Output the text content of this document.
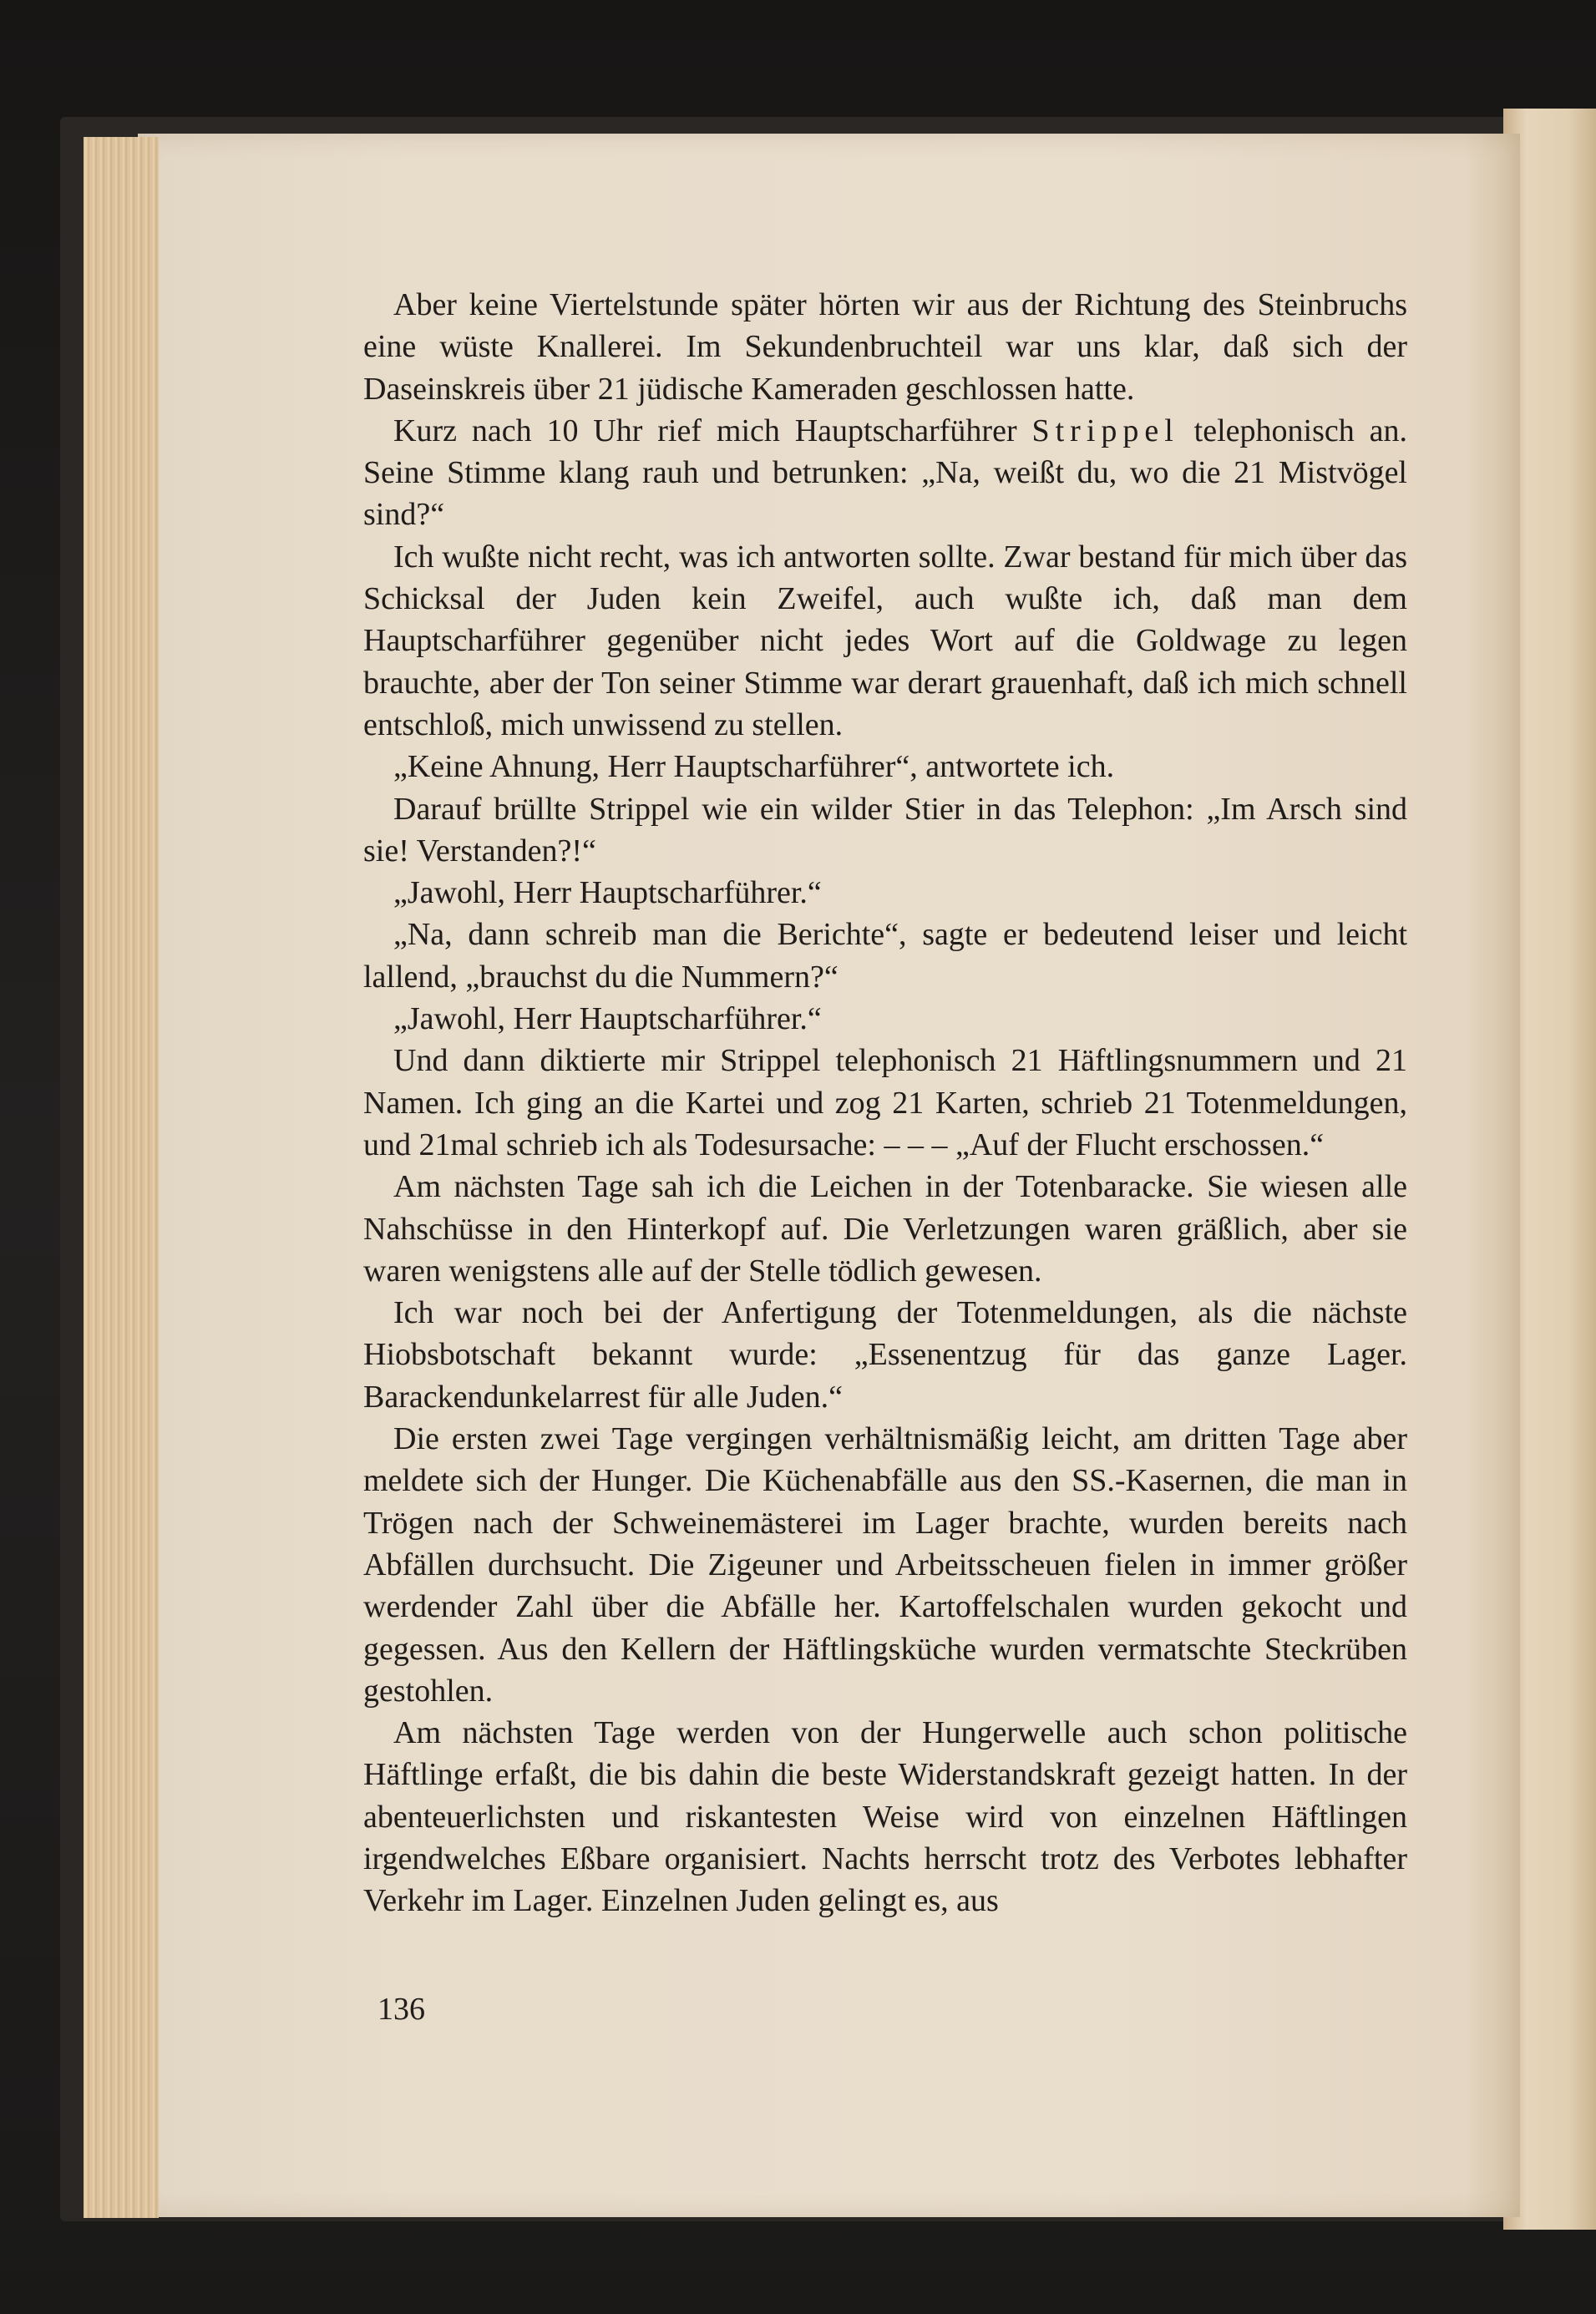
Aber keine Viertelstunde später hörten wir aus der Richtung des Steinbruchs eine wüste Knallerei. Im Sekundenbruchteil war uns klar, daß sich der Daseinskreis über 21 jüdische Kameraden geschlossen hatte.

Kurz nach 10 Uhr rief mich Hauptscharführer Strippel telephonisch an. Seine Stimme klang rauh und betrunken: „Na, weißt du, wo die 21 Mistvögel sind?“

Ich wußte nicht recht, was ich antworten sollte. Zwar bestand für mich über das Schicksal der Juden kein Zweifel, auch wußte ich, daß man dem Hauptscharführer gegenüber nicht jedes Wort auf die Goldwage zu legen brauchte, aber der Ton seiner Stimme war derart grauenhaft, daß ich mich schnell entschloß, mich unwissend zu stellen.

„Keine Ahnung, Herr Hauptscharführer“, antwortete ich.

Darauf brüllte Strippel wie ein wilder Stier in das Telephon: „Im Arsch sind sie! Verstanden?!“

„Jawohl, Herr Hauptscharführer.“

„Na, dann schreib man die Berichte“, sagte er bedeutend leiser und leicht lallend, „brauchst du die Nummern?“

„Jawohl, Herr Hauptscharführer.“

Und dann diktierte mir Strippel telephonisch 21 Häftlingsnummern und 21 Namen. Ich ging an die Kartei und zog 21 Karten, schrieb 21 Totenmeldungen, und 21mal schrieb ich als Todesursache: – – – „Auf der Flucht erschossen.“

Am nächsten Tage sah ich die Leichen in der Totenbaracke. Sie wiesen alle Nahschüsse in den Hinterkopf auf. Die Verletzungen waren gräßlich, aber sie waren wenigstens alle auf der Stelle tödlich gewesen.

Ich war noch bei der Anfertigung der Totenmeldungen, als die nächste Hiobsbotschaft bekannt wurde: „Essenentzug für das ganze Lager. Barackendunkelarrest für alle Juden.“

Die ersten zwei Tage vergingen verhältnismäßig leicht, am dritten Tage aber meldete sich der Hunger. Die Küchenabfälle aus den SS.-Kasernen, die man in Trögen nach der Schweinemästerei im Lager brachte, wurden bereits nach Abfällen durchsucht. Die Zigeuner und Arbeitsscheuen fielen in immer größer werdender Zahl über die Abfälle her. Kartoffelschalen wurden gekocht und gegessen. Aus den Kellern der Häftlingsküche wurden vermatschte Steckrüben gestohlen.

Am nächsten Tage werden von der Hungerwelle auch schon politische Häftlinge erfaßt, die bis dahin die beste Widerstandskraft gezeigt hatten. In der abenteuerlichsten und riskantesten Weise wird von einzelnen Häftlingen irgendwelches Eßbare organisiert. Nachts herrscht trotz des Verbotes lebhafter Verkehr im Lager. Einzelnen Juden gelingt es, aus

136
